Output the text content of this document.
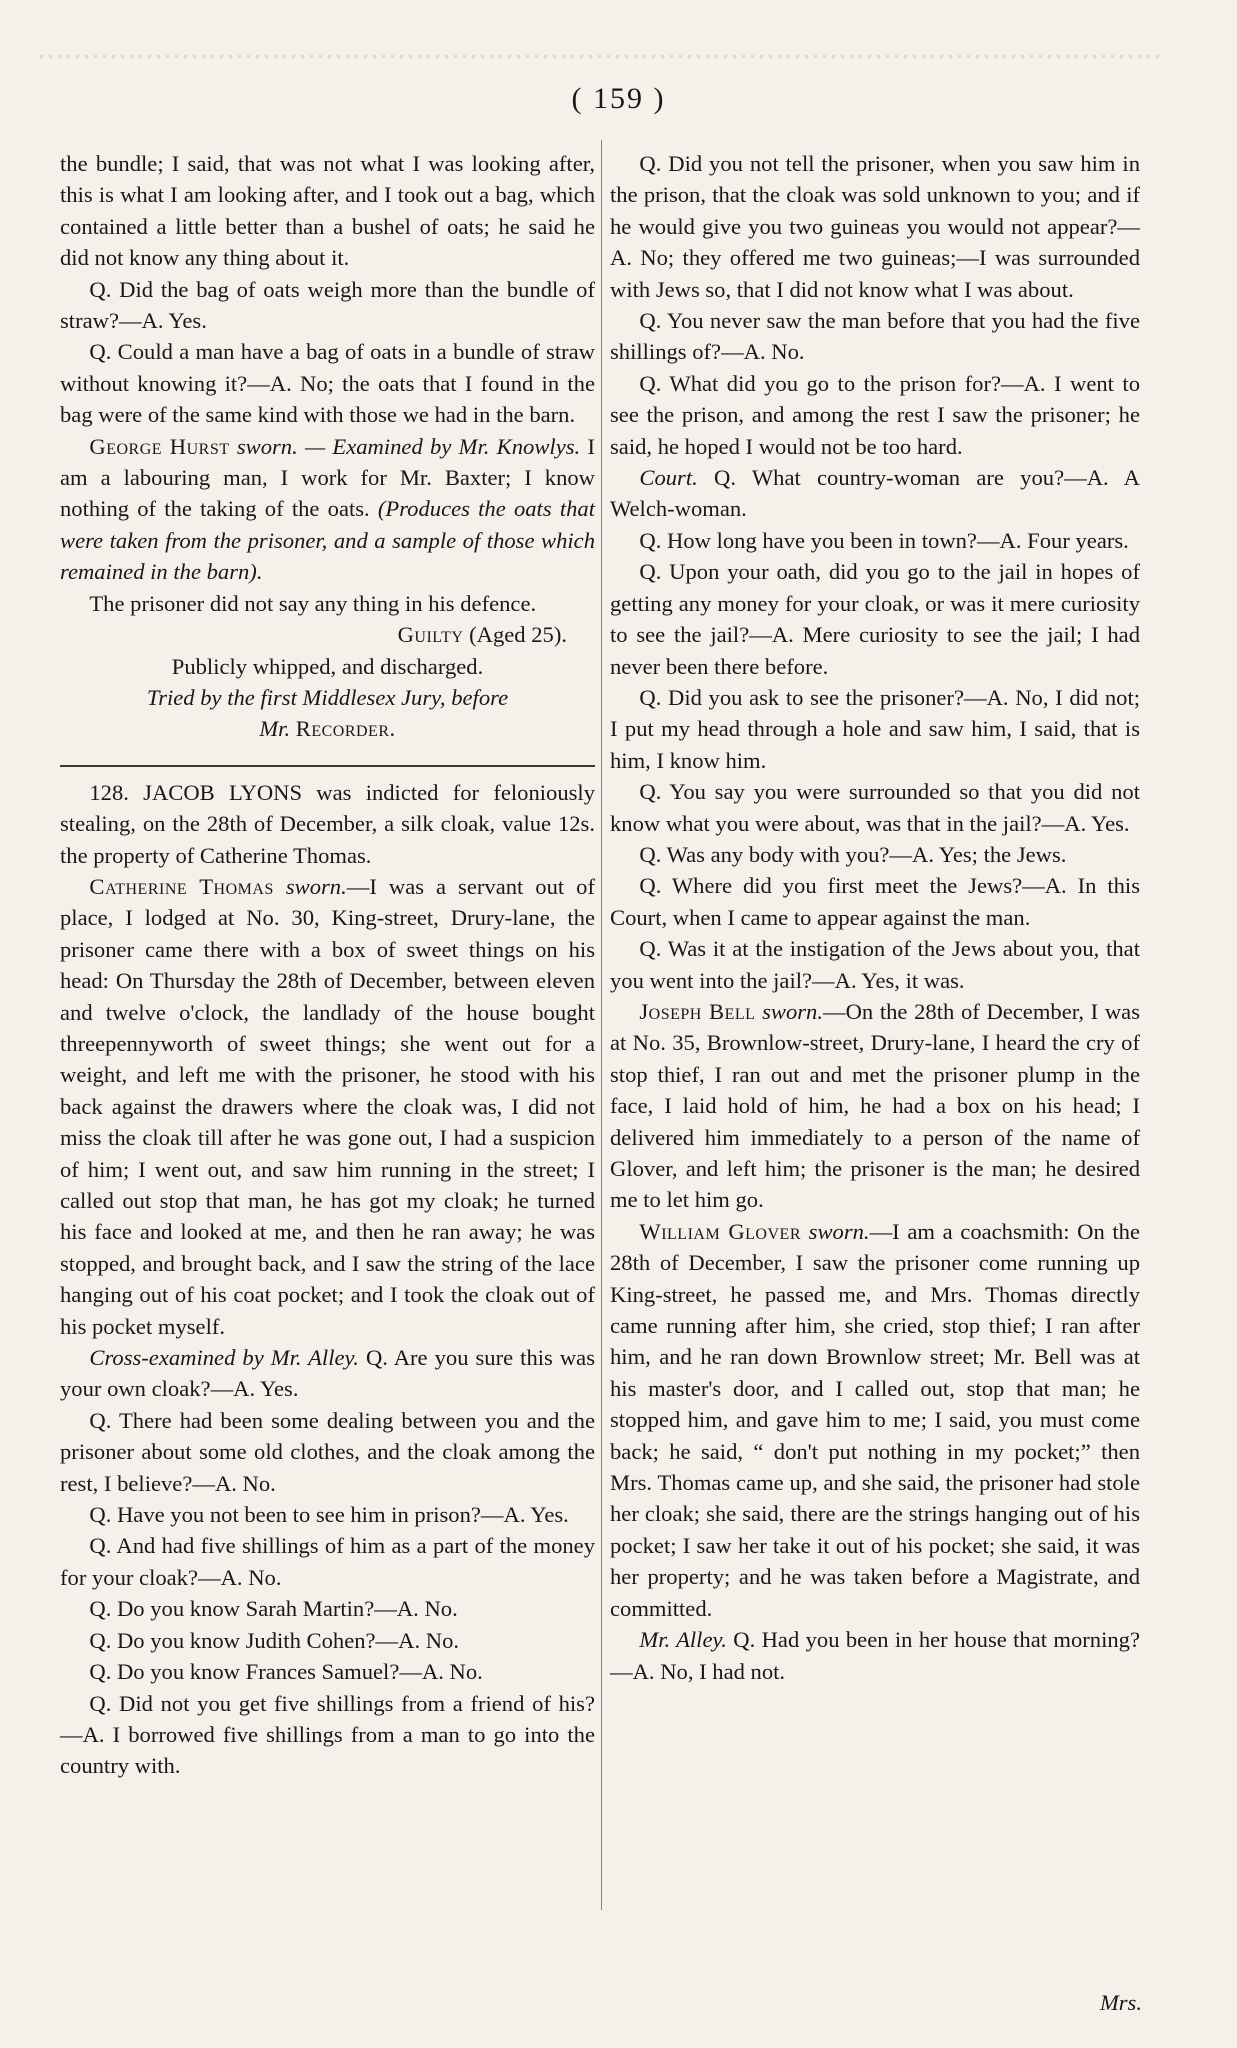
( 159 )

the bundle; I said, that was not what I was looking after, this is what I am looking after, and I took out a bag, which contained a little better than a bushel of oats; he said he did not know any thing about it.

Q. Did the bag of oats weigh more than the bundle of straw?—A. Yes.

Q. Could a man have a bag of oats in a bundle of straw without knowing it?—A. No; the oats that I found in the bag were of the same kind with those we had in the barn.

George Hurst sworn. — Examined by Mr. Knowlys. I am a labouring man, I work for Mr. Baxter; I know nothing of the taking of the oats. (Produces the oats that were taken from the prisoner, and a sample of those which remained in the barn).

The prisoner did not say any thing in his defence.

Guilty (Aged 25).

Publicly whipped, and discharged.

Tried by the first Middlesex Jury, before

Mr. Recorder.

128. JACOB LYONS was indicted for feloniously stealing, on the 28th of December, a silk cloak, value 12s. the property of Catherine Thomas.

Catherine Thomas sworn.—I was a servant out of place, I lodged at No. 30, King-street, Drury-lane, the prisoner came there with a box of sweet things on his head: On Thursday the 28th of December, between eleven and twelve o'clock, the landlady of the house bought threepennyworth of sweet things; she went out for a weight, and left me with the prisoner, he stood with his back against the drawers where the cloak was, I did not miss the cloak till after he was gone out, I had a suspicion of him; I went out, and saw him running in the street; I called out stop that man, he has got my cloak; he turned his face and looked at me, and then he ran away; he was stopped, and brought back, and I saw the string of the lace hanging out of his coat pocket; and I took the cloak out of his pocket myself.

Cross-examined by Mr. Alley. Q. Are you sure this was your own cloak?—A. Yes.

Q. There had been some dealing between you and the prisoner about some old clothes, and the cloak among the rest, I believe?—A. No.

Q. Have you not been to see him in prison?—A. Yes.

Q. And had five shillings of him as a part of the money for your cloak?—A. No.

Q. Do you know Sarah Martin?—A. No.

Q. Do you know Judith Cohen?—A. No.

Q. Do you know Frances Samuel?—A. No.

Q. Did not you get five shillings from a friend of his?—A. I borrowed five shillings from a man to go into the country with.

Q. Did you not tell the prisoner, when you saw him in the prison, that the cloak was sold unknown to you; and if he would give you two guineas you would not appear?—A. No; they offered me two guineas;—I was surrounded with Jews so, that I did not know what I was about.

Q. You never saw the man before that you had the five shillings of?—A. No.

Q. What did you go to the prison for?—A. I went to see the prison, and among the rest I saw the prisoner; he said, he hoped I would not be too hard.

Court. Q. What country-woman are you?—A. A Welch-woman.

Q. How long have you been in town?—A. Four years.

Q. Upon your oath, did you go to the jail in hopes of getting any money for your cloak, or was it mere curiosity to see the jail?—A. Mere curiosity to see the jail; I had never been there before.

Q. Did you ask to see the prisoner?—A. No, I did not; I put my head through a hole and saw him, I said, that is him, I know him.

Q. You say you were surrounded so that you did not know what you were about, was that in the jail?—A. Yes.

Q. Was any body with you?—A. Yes; the Jews.

Q. Where did you first meet the Jews?—A. In this Court, when I came to appear against the man.

Q. Was it at the instigation of the Jews about you, that you went into the jail?—A. Yes, it was.

Joseph Bell sworn.—On the 28th of December, I was at No. 35, Brownlow-street, Drury-lane, I heard the cry of stop thief, I ran out and met the prisoner plump in the face, I laid hold of him, he had a box on his head; I delivered him immediately to a person of the name of Glover, and left him; the prisoner is the man; he desired me to let him go.

William Glover sworn.—I am a coachsmith: On the 28th of December, I saw the prisoner come running up King-street, he passed me, and Mrs. Thomas directly came running after him, she cried, stop thief; I ran after him, and he ran down Brownlow street; Mr. Bell was at his master's door, and I called out, stop that man; he stopped him, and gave him to me; I said, you must come back; he said, “ don't put nothing in my pocket;” then Mrs. Thomas came up, and she said, the prisoner had stole her cloak; she said, there are the strings hanging out of his pocket; I saw her take it out of his pocket; she said, it was her property; and he was taken before a Magistrate, and committed.

Mr. Alley. Q. Had you been in her house that morning?—A. No, I had not.

Mrs.
